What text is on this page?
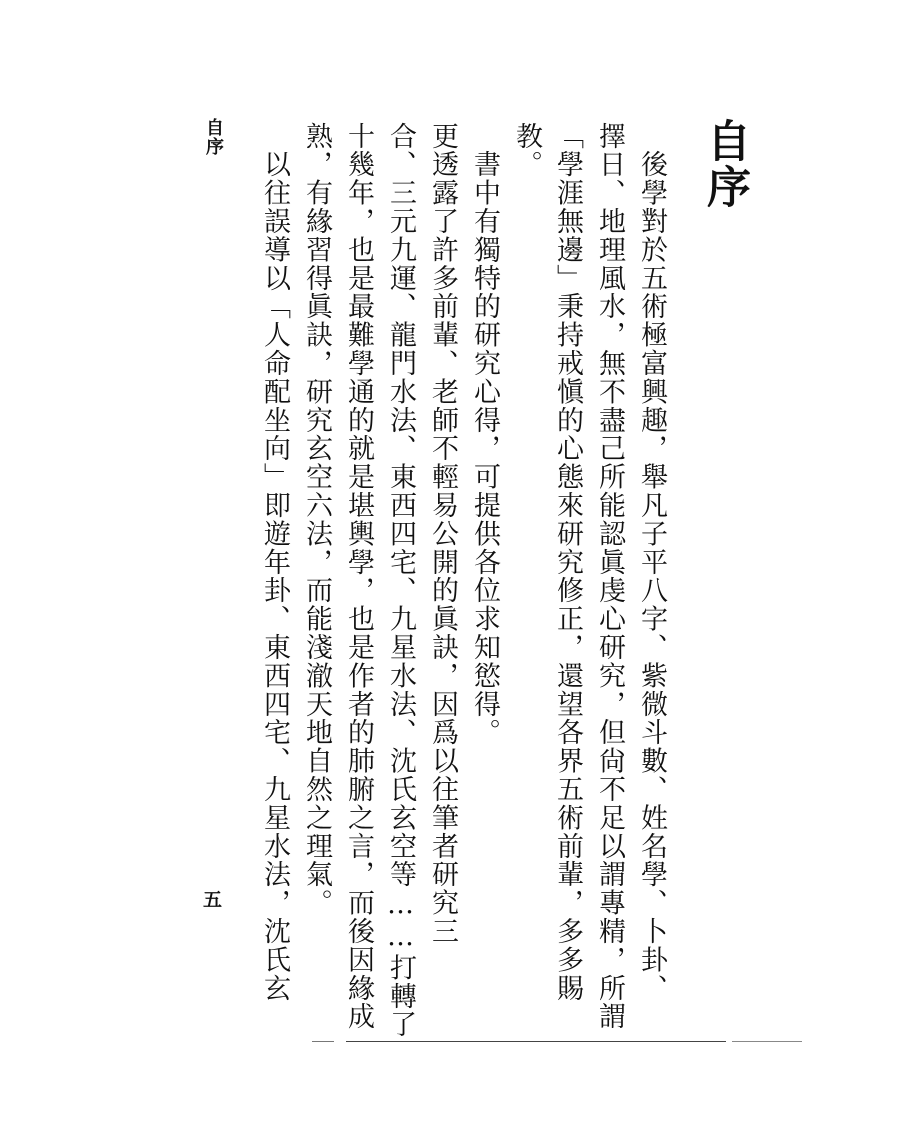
自序
　後學對於五術極富興趣，舉凡子平八字、紫微斗數、姓名學、卜卦、
擇日、地理風水，無不盡己所能認眞虔心研究，但尙不足以謂專精，所謂
「學涯無邊」秉持戒愼的心態來研究修正，還望各界五術前輩，多多賜
教。
　書中有獨特的研究心得，可提供各位求知慾得。
更透露了許多前輩、老師不輕易公開的眞訣，因爲以往筆者研究三
合、三元九運、龍門水法、東西四宅、九星水法、沈氏玄空等……打轉了
十幾年，也是最難學通的就是堪輿學，也是作者的肺腑之言，而後因緣成
熟，有緣習得眞訣，研究玄空六法，而能淺澈天地自然之理氣。
　以往誤導以「人命配坐向」即遊年卦、東西四宅、九星水法，沈氏玄
自序
五
